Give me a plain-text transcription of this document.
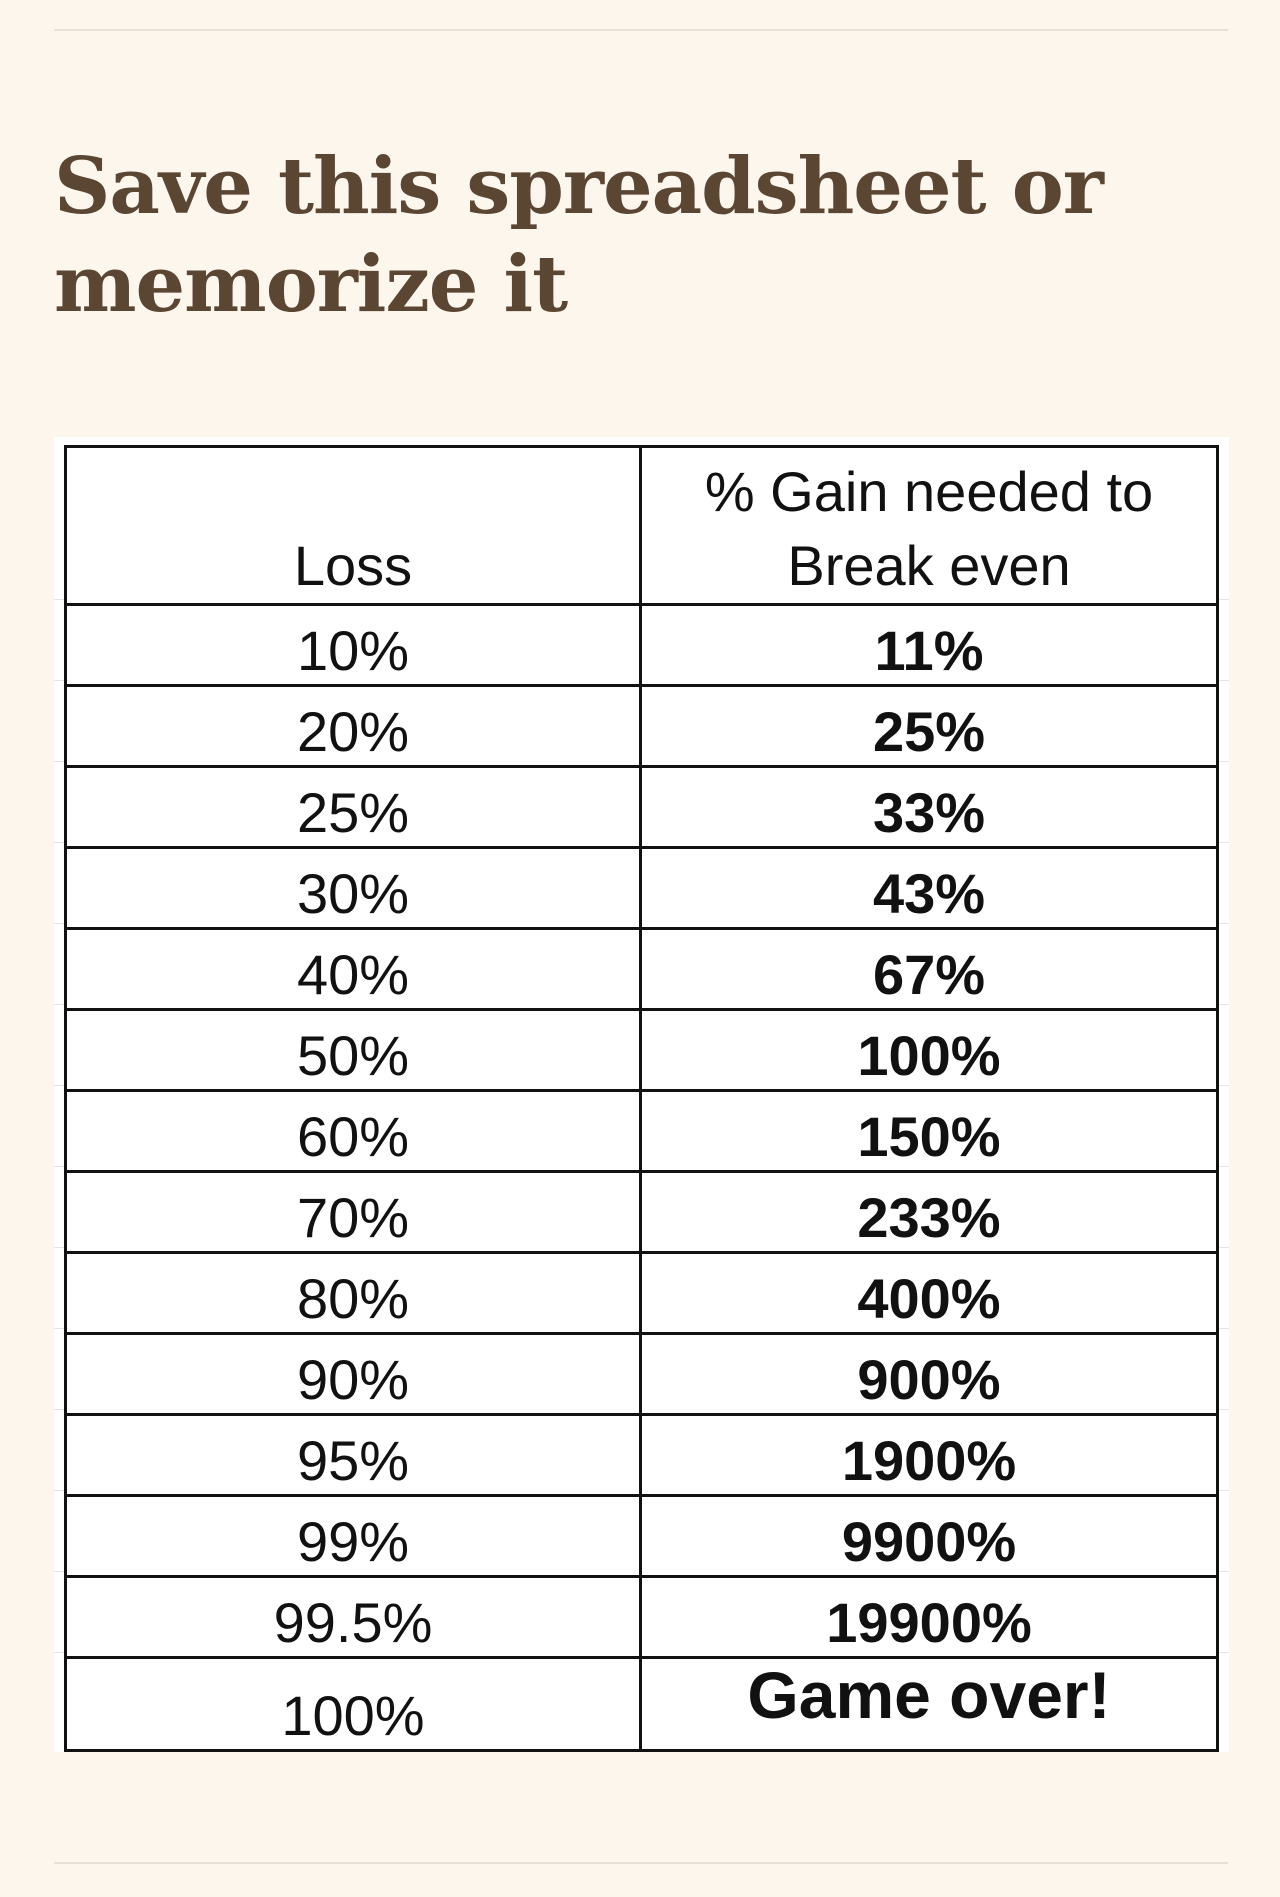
Save this spreadsheet or memorize it
Loss	% Gain needed to Break even
10%	11%
20%	25%
25%	33%
30%	43%
40%	67%
50%	100%
60%	150%
70%	233%
80%	400%
90%	900%
95%	1900%
99%	9900%
99.5%	19900%
100%	Game over!
